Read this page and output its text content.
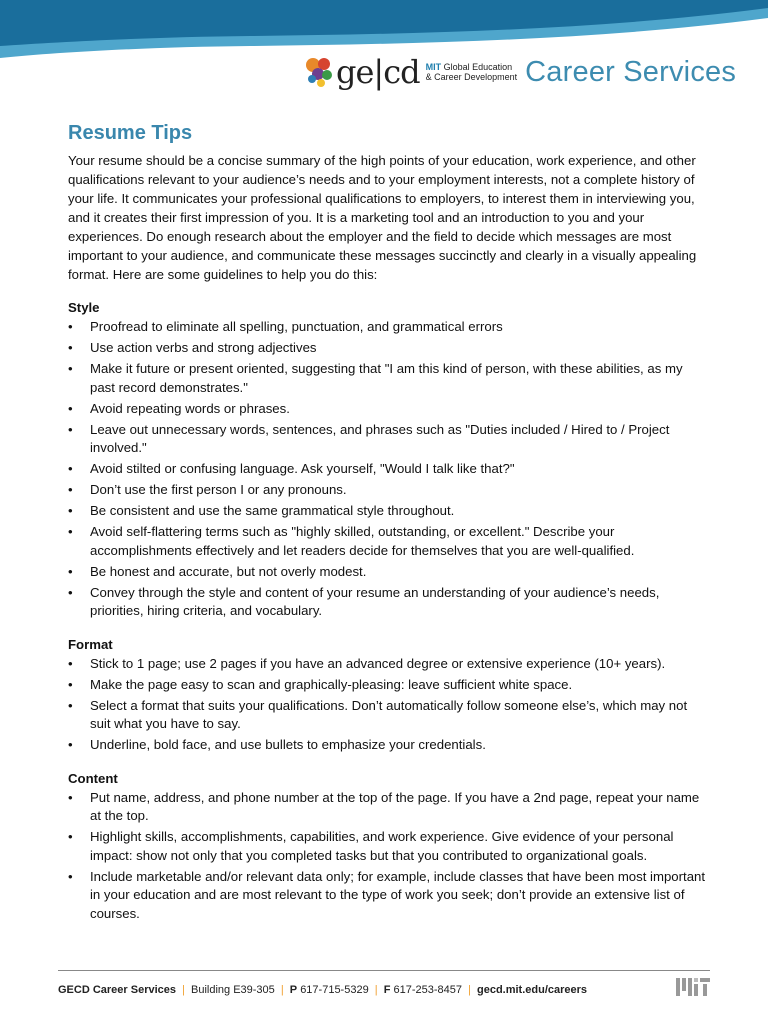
ge|cd MIT Global Education
& Career Development Career Services
Resume Tips

Your resume should be a concise summary of the high points of your education, work experience, and other qualifications relevant to your audience’s needs and to your employment interests, not a complete history of your life. It communicates your professional qualifications to employers, to interest them in interviewing you, and it creates their first impression of you. It is a marketing tool and an introduction to you and your experiences. Do enough research about the employer and the field to decide which messages are most important to your audience, and communicate these messages succinctly and clearly in a visually appealing format. Here are some guidelines to help you do this:

Style
• Proofread to eliminate all spelling, punctuation, and grammatical errors
• Use action verbs and strong adjectives
• Make it future or present oriented, suggesting that "I am this kind of person, with these abilities, as my past record demonstrates."
• Avoid repeating words or phrases.
• Leave out unnecessary words, sentences, and phrases such as "Duties included / Hired to / Project involved."
• Avoid stilted or confusing language. Ask yourself, "Would I talk like that?"
• Don’t use the first person I or any pronouns.
• Be consistent and use the same grammatical style throughout.
• Avoid self-flattering terms such as "highly skilled, outstanding, or excellent." Describe your accomplishments effectively and let readers decide for themselves that you are well-qualified.
• Be honest and accurate, but not overly modest.
• Convey through the style and content of your resume an understanding of your audience’s needs, priorities, hiring criteria, and vocabulary.
Format
• Stick to 1 page; use 2 pages if you have an advanced degree or extensive experience (10+ years).
• Make the page easy to scan and graphically-pleasing: leave sufficient white space.
• Select a format that suits your qualifications. Don’t automatically follow someone else’s, which may not suit what you have to say.
• Underline, bold face, and use bullets to emphasize your credentials.
Content
• Put name, address, and phone number at the top of the page. If you have a 2nd page, repeat your name at the top.
• Highlight skills, accomplishments, capabilities, and work experience. Give evidence of your personal impact: show not only that you completed tasks but that you contributed to organizational goals.
• Include marketable and/or relevant data only; for example, include classes that have been most important in your education and are most relevant to the type of work you seek; don’t provide an extensive list of courses.
GECD Career Services | Building E39-305 | P 617-715-5329 | F 617-253-8457 | gecd.mit.edu/careers
